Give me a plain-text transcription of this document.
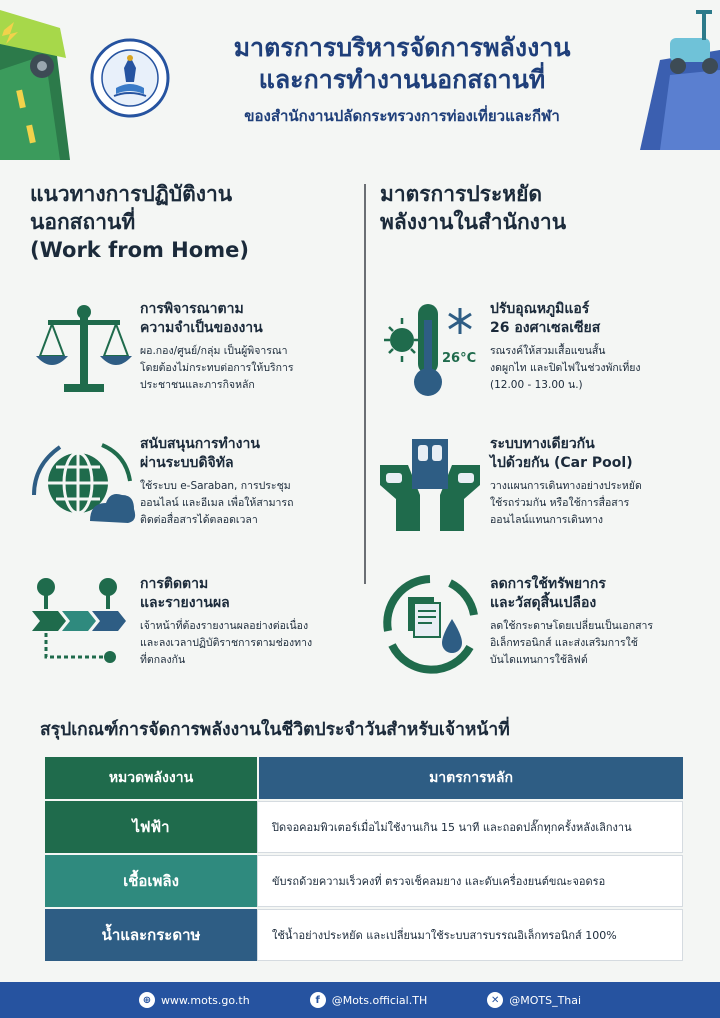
มาตรการบริหารจัดการพลังงาน
และการทำงานนอกสถานที่
ของสำนักงานปลัดกระทรวงการท่องเที่ยวและกีฬา
แนวทางการปฏิบัติงาน
นอกสถานที่
(Work from Home)
การพิจารณาตาม
ความจำเป็นของงาน
ผอ.กอง/ศูนย์/กลุ่ม เป็นผู้พิจารณา
โดยต้องไม่กระทบต่อการให้บริการ
ประชาชนและภารกิจหลัก
สนับสนุนการทำงาน
ผ่านระบบดิจิทัล
ใช้ระบบ e-Saraban, การประชุม
ออนไลน์ และอีเมล เพื่อให้สามารถ
ติดต่อสื่อสารได้ตลอดเวลา
การติดตาม
และรายงานผล
เจ้าหน้าที่ต้องรายงานผลอย่างต่อเนื่อง
และลงเวลาปฏิบัติราชการตามช่องทาง
ที่ตกลงกัน
มาตรการประหยัด
พลังงานในสำนักงาน
26°C
ปรับอุณหภูมิแอร์
26 องศาเซลเซียส
รณรงค์ให้สวมเสื้อแขนสั้น
งดผูกไท และปิดไฟในช่วงพักเที่ยง
(12.00 - 13.00 น.)
ระบบทางเดียวกัน
ไปด้วยกัน (Car Pool)
วางแผนการเดินทางอย่างประหยัด
ใช้รถร่วมกัน หรือใช้การสื่อสาร
ออนไลน์แทนการเดินทาง
ลดการใช้ทรัพยากร
และวัสดุสิ้นเปลือง
ลดใช้กระดาษโดยเปลี่ยนเป็นเอกสาร
อิเล็กทรอนิกส์ และส่งเสริมการใช้
บันไดแทนการใช้ลิฟต์
สรุปเกณฑ์การจัดการพลังงานในชีวิตประจำวันสำหรับเจ้าหน้าที่
หมวดพลังงาน	มาตรการหลัก
ไฟฟ้า	ปิดจอคอมพิวเตอร์เมื่อไม่ใช้งานเกิน 15 นาที และถอดปลั๊กทุกครั้งหลังเลิกงาน
เชื้อเพลิง	ขับรถด้วยความเร็วคงที่ ตรวจเช็คลมยาง และดับเครื่องยนต์ขณะจอดรอ
น้ำและกระดาษ	ใช้น้ำอย่างประหยัด และเปลี่ยนมาใช้ระบบสารบรรณอิเล็กทรอนิกส์ 100%
⊕ www.mots.go.th	f	@Mots.official.TH	✕ @MOTS_Thai
